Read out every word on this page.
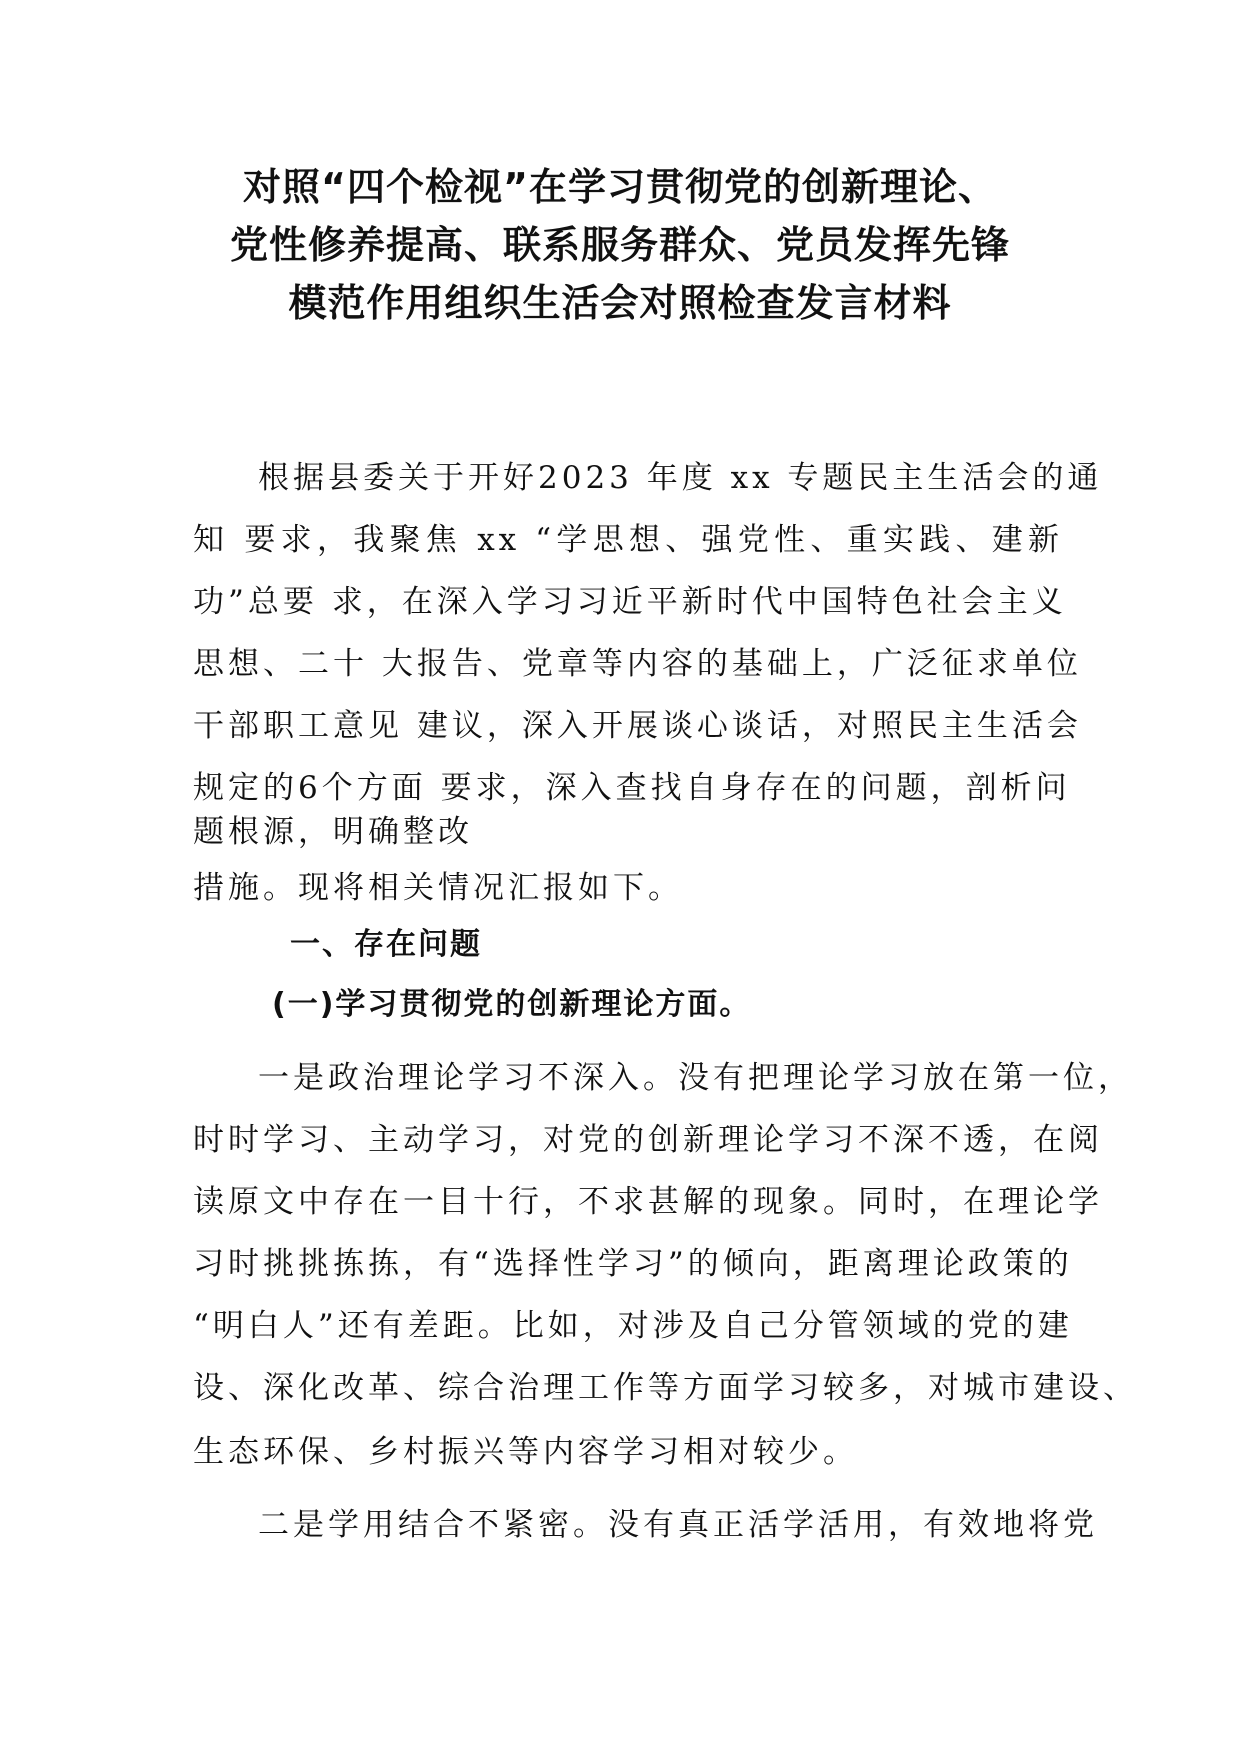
对照“四个检视”在学习贯彻党的创新理论、
党性修养提高、联系服务群众、党员发挥先锋
模范作用组织生活会对照检查发言材料

根据县委关于开好2023 年度 xx 专题民主生活会的通

知 要求，我聚焦 xx “学思想、强党性、重实践、建新

功”总要 求，在深入学习习近平新时代中国特色社会主义

思想、二十 大报告、党章等内容的基础上，广泛征求单位

干部职工意见 建议，深入开展谈心谈话，对照民主生活会

规定的6个方面 要求，深入查找自身存在的问题，剖析问

题根源，明确整改

措施。现将相关情况汇报如下。

一、存在问题
(一)学习贯彻党的创新理论方面。

一是政治理论学习不深入。没有把理论学习放在第一位，

时时学习、主动学习，对党的创新理论学习不深不透，在阅

读原文中存在一目十行，不求甚解的现象。同时，在理论学

习时挑挑拣拣，有“选择性学习”的倾向，距离理论政策的

“明白人”还有差距。比如，对涉及自己分管领域的党的建

设、深化改革、综合治理工作等方面学习较多，对城市建设、

生态环保、乡村振兴等内容学习相对较少。

二是学用结合不紧密。没有真正活学活用，有效地将党
